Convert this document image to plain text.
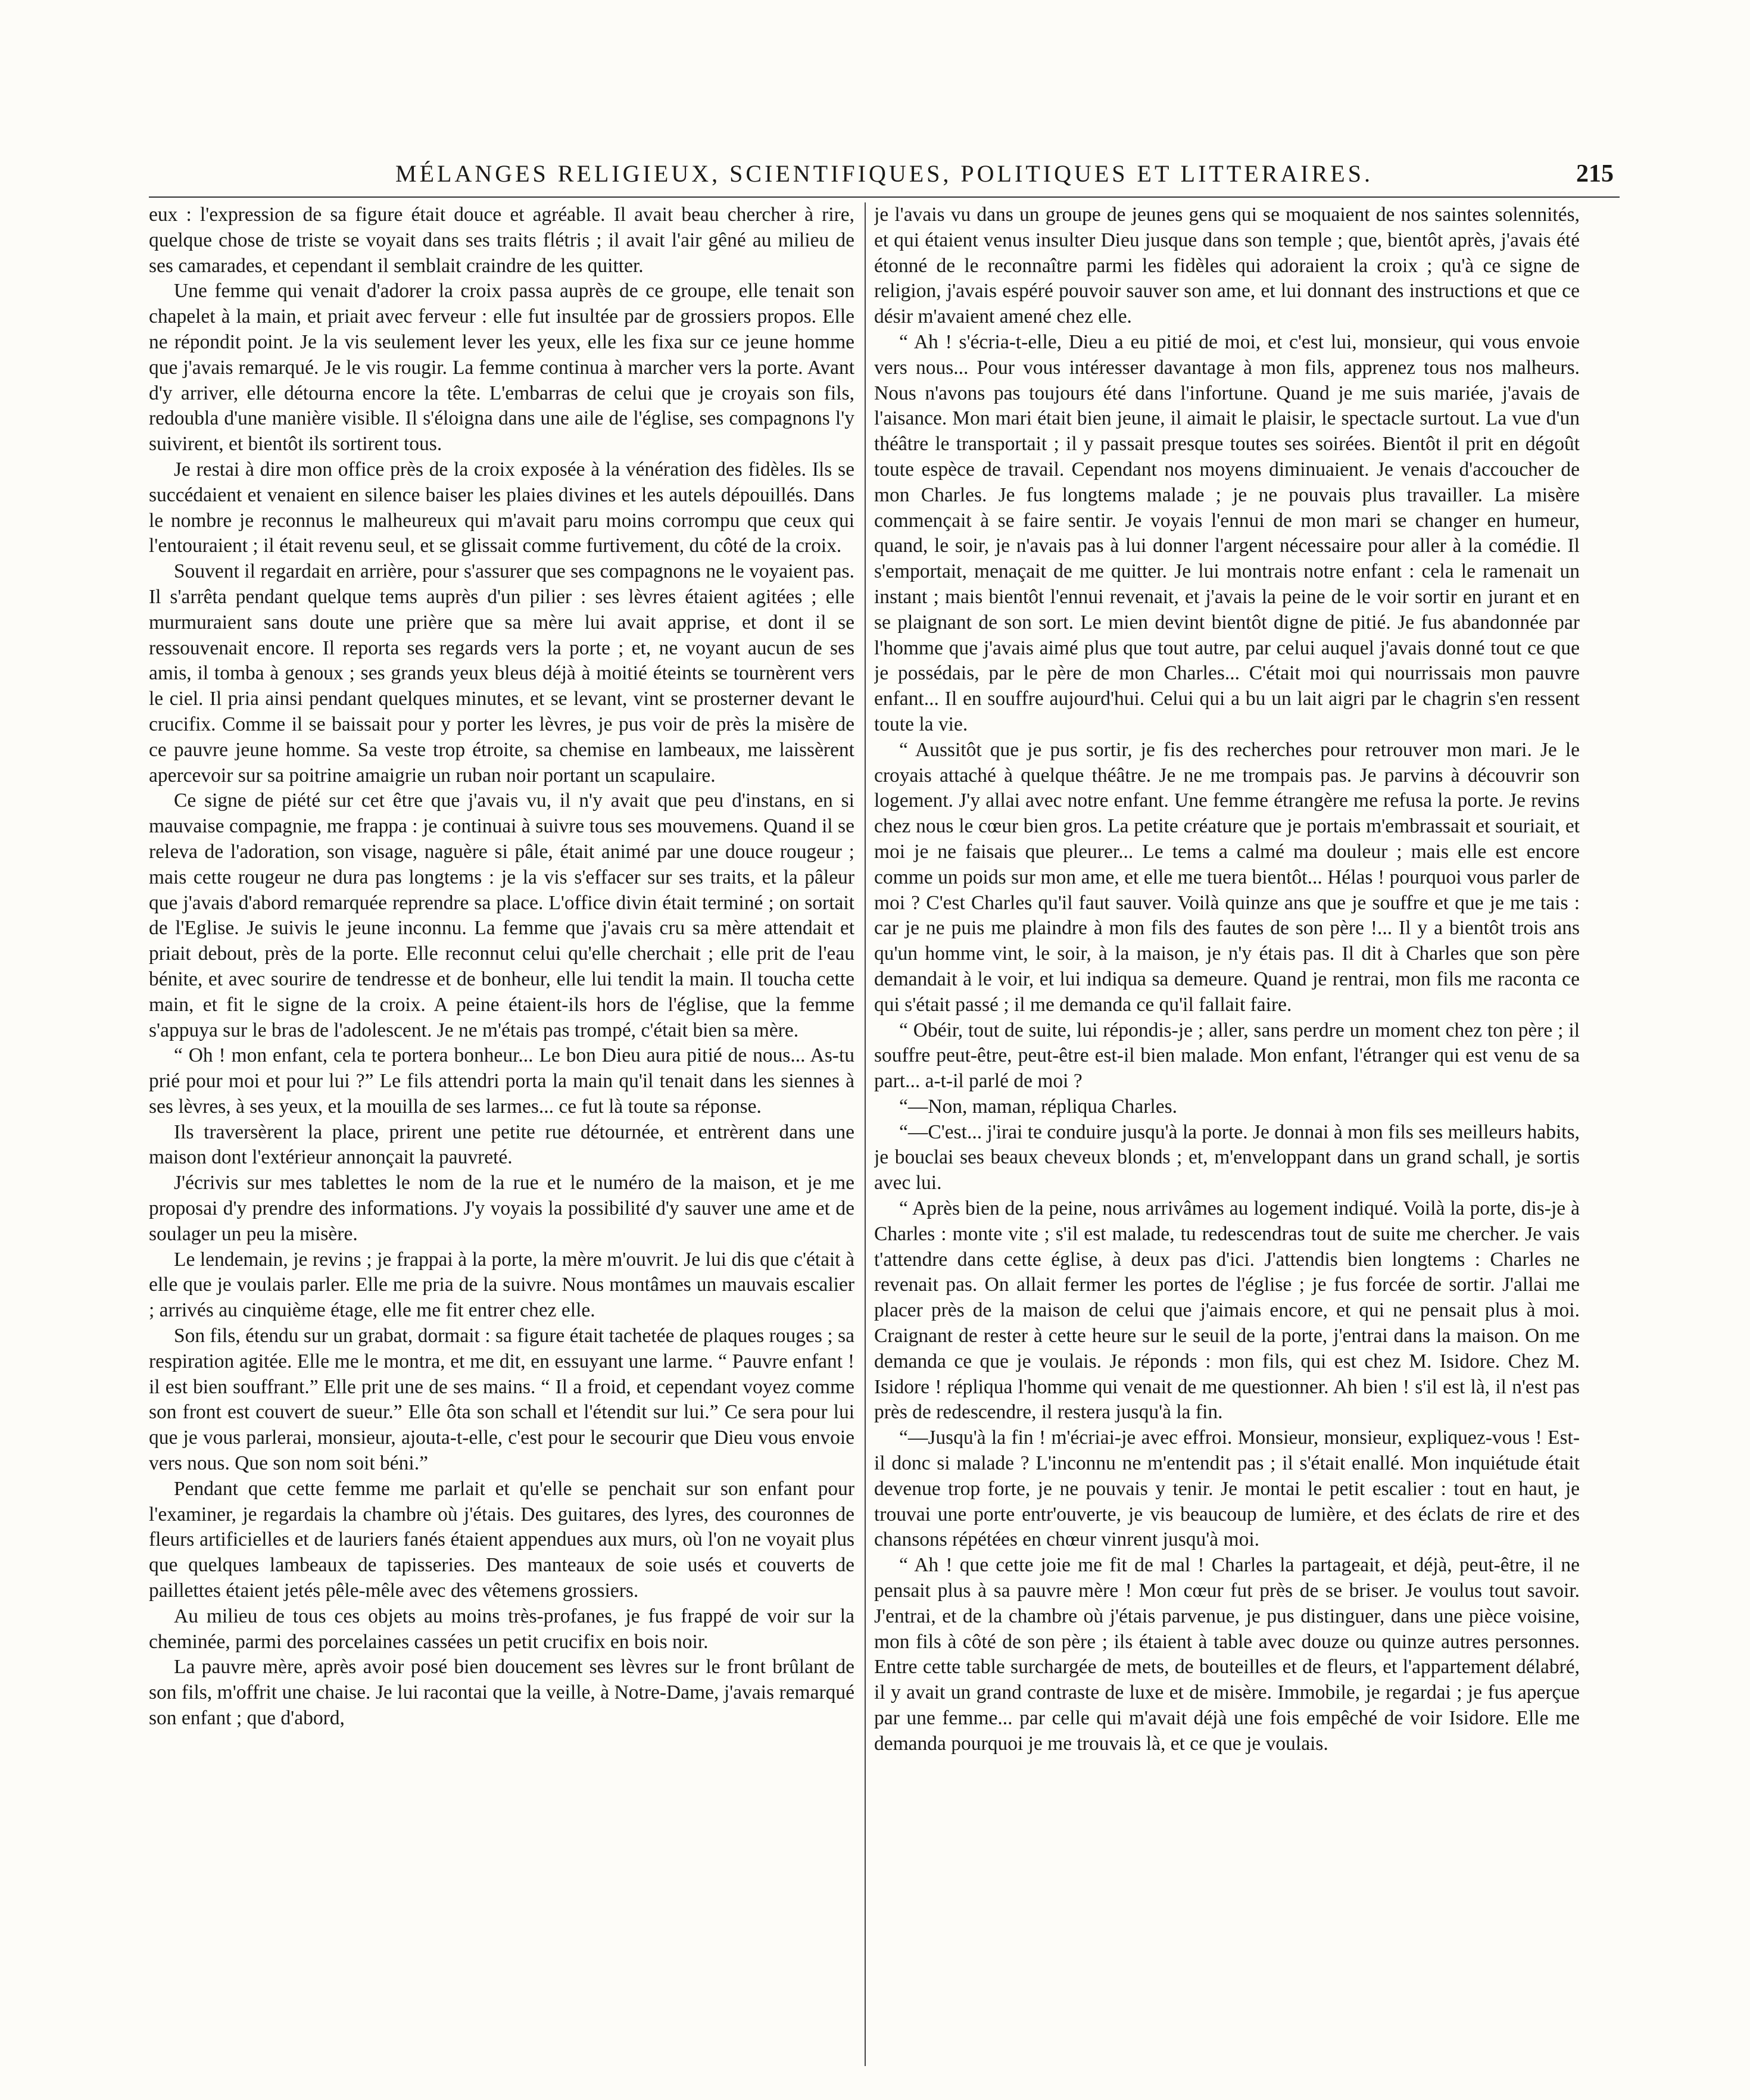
MÉLANGES RELIGIEUX, SCIENTIFIQUES, POLITIQUES ET LITTERAIRES.	215

eux : l'expression de sa figure était douce et agréable. Il avait beau chercher à rire, quelque chose de triste se voyait dans ses traits flétris ; il avait l'air gêné au milieu de ses camarades, et cependant il semblait craindre de les quitter.

Une femme qui venait d'adorer la croix passa auprès de ce groupe, elle tenait son chapelet à la main, et priait avec ferveur : elle fut insultée par de grossiers propos. Elle ne répondit point. Je la vis seulement lever les yeux, elle les fixa sur ce jeune homme que j'avais remarqué. Je le vis rougir. La femme continua à marcher vers la porte. Avant d'y arriver, elle détourna encore la tête. L'embarras de celui que je croyais son fils, redoubla d'une manière visible. Il s'éloigna dans une aile de l'église, ses compagnons l'y suivirent, et bientôt ils sortirent tous.

Je restai à dire mon office près de la croix exposée à la vénération des fidèles. Ils se succédaient et venaient en silence baiser les plaies divines et les autels dépouillés. Dans le nombre je reconnus le malheureux qui m'avait paru moins corrompu que ceux qui l'entouraient ; il était revenu seul, et se glissait comme furtivement, du côté de la croix.

Souvent il regardait en arrière, pour s'assurer que ses compagnons ne le voyaient pas. Il s'arrêta pendant quelque tems auprès d'un pilier : ses lèvres étaient agitées ; elle murmuraient sans doute une prière que sa mère lui avait apprise, et dont il se ressouvenait encore. Il reporta ses regards vers la porte ; et, ne voyant aucun de ses amis, il tomba à genoux ; ses grands yeux bleus déjà à moitié éteints se tournèrent vers le ciel. Il pria ainsi pendant quelques minutes, et se levant, vint se prosterner devant le crucifix. Comme il se baissait pour y porter les lèvres, je pus voir de près la misère de ce pauvre jeune homme. Sa veste trop étroite, sa chemise en lambeaux, me laissèrent apercevoir sur sa poitrine amaigrie un ruban noir portant un scapulaire.

Ce signe de piété sur cet être que j'avais vu, il n'y avait que peu d'instans, en si mauvaise compagnie, me frappa : je continuai à suivre tous ses mouvemens. Quand il se releva de l'adoration, son visage, naguère si pâle, était animé par une douce rougeur ; mais cette rougeur ne dura pas longtems : je la vis s'effacer sur ses traits, et la pâleur que j'avais d'abord remarquée reprendre sa place. L'office divin était terminé ; on sortait de l'Eglise. Je suivis le jeune inconnu. La femme que j'avais cru sa mère attendait et priait debout, près de la porte. Elle reconnut celui qu'elle cherchait ; elle prit de l'eau bénite, et avec sourire de tendresse et de bonheur, elle lui tendit la main. Il toucha cette main, et fit le signe de la croix. A peine étaient-ils hors de l'église, que la femme s'appuya sur le bras de l'adolescent. Je ne m'étais pas trompé, c'était bien sa mère.

“ Oh ! mon enfant, cela te portera bonheur... Le bon Dieu aura pitié de nous... As-tu prié pour moi et pour lui ?” Le fils attendri porta la main qu'il tenait dans les siennes à ses lèvres, à ses yeux, et la mouilla de ses larmes... ce fut là toute sa réponse.

Ils traversèrent la place, prirent une petite rue détournée, et entrèrent dans une maison dont l'extérieur annonçait la pauvreté.

J'écrivis sur mes tablettes le nom de la rue et le numéro de la maison, et je me proposai d'y prendre des informations. J'y voyais la possibilité d'y sauver une ame et de soulager un peu la misère.

Le lendemain, je revins ; je frappai à la porte, la mère m'ouvrit. Je lui dis que c'était à elle que je voulais parler. Elle me pria de la suivre. Nous montâmes un mauvais escalier ; arrivés au cinquième étage, elle me fit entrer chez elle.

Son fils, étendu sur un grabat, dormait : sa figure était tachetée de plaques rouges ; sa respiration agitée. Elle me le montra, et me dit, en essuyant une larme. “ Pauvre enfant ! il est bien souffrant.” Elle prit une de ses mains. “ Il a froid, et cependant voyez comme son front est couvert de sueur.” Elle ôta son schall et l'étendit sur lui.” Ce sera pour lui que je vous parlerai, monsieur, ajouta-t-elle, c'est pour le secourir que Dieu vous envoie vers nous. Que son nom soit béni.”

Pendant que cette femme me parlait et qu'elle se penchait sur son enfant pour l'examiner, je regardais la chambre où j'étais. Des guitares, des lyres, des couronnes de fleurs artificielles et de lauriers fanés étaient appendues aux murs, où l'on ne voyait plus que quelques lambeaux de tapisseries. Des manteaux de soie usés et couverts de paillettes étaient jetés pêle-mêle avec des vêtemens grossiers.

Au milieu de tous ces objets au moins très-profanes, je fus frappé de voir sur la cheminée, parmi des porcelaines cassées un petit crucifix en bois noir.

La pauvre mère, après avoir posé bien doucement ses lèvres sur le front brûlant de son fils, m'offrit une chaise. Je lui racontai que la veille, à Notre-Dame, j'avais remarqué son enfant ; que d'abord,

je l'avais vu dans un groupe de jeunes gens qui se moquaient de nos saintes solennités, et qui étaient venus insulter Dieu jusque dans son temple ; que, bientôt après, j'avais été étonné de le reconnaître parmi les fidèles qui adoraient la croix ; qu'à ce signe de religion, j'avais espéré pouvoir sauver son ame, et lui donnant des instructions et que ce désir m'avaient amené chez elle.

“ Ah ! s'écria-t-elle, Dieu a eu pitié de moi, et c'est lui, monsieur, qui vous envoie vers nous... Pour vous intéresser davantage à mon fils, apprenez tous nos malheurs. Nous n'avons pas toujours été dans l'infortune. Quand je me suis mariée, j'avais de l'aisance. Mon mari était bien jeune, il aimait le plaisir, le spectacle surtout. La vue d'un théâtre le transportait ; il y passait presque toutes ses soirées. Bientôt il prit en dégoût toute espèce de travail. Cependant nos moyens diminuaient. Je venais d'accoucher de mon Charles. Je fus longtems malade ; je ne pouvais plus travailler. La misère commençait à se faire sentir. Je voyais l'ennui de mon mari se changer en humeur, quand, le soir, je n'avais pas à lui donner l'argent nécessaire pour aller à la comédie. Il s'emportait, menaçait de me quitter. Je lui montrais notre enfant : cela le ramenait un instant ; mais bientôt l'ennui revenait, et j'avais la peine de le voir sortir en jurant et en se plaignant de son sort. Le mien devint bientôt digne de pitié. Je fus abandonnée par l'homme que j'avais aimé plus que tout autre, par celui auquel j'avais donné tout ce que je possédais, par le père de mon Charles... C'était moi qui nourrissais mon pauvre enfant... Il en souffre aujourd'hui. Celui qui a bu un lait aigri par le chagrin s'en ressent toute la vie.

“ Aussitôt que je pus sortir, je fis des recherches pour retrouver mon mari. Je le croyais attaché à quelque théâtre. Je ne me trompais pas. Je parvins à découvrir son logement. J'y allai avec notre enfant. Une femme étrangère me refusa la porte. Je revins chez nous le cœur bien gros. La petite créature que je portais m'embrassait et souriait, et moi je ne faisais que pleurer... Le tems a calmé ma douleur ; mais elle est encore comme un poids sur mon ame, et elle me tuera bientôt... Hélas ! pourquoi vous parler de moi ? C'est Charles qu'il faut sauver. Voilà quinze ans que je souffre et que je me tais : car je ne puis me plaindre à mon fils des fautes de son père !... Il y a bientôt trois ans qu'un homme vint, le soir, à la maison, je n'y étais pas. Il dit à Charles que son père demandait à le voir, et lui indiqua sa demeure. Quand je rentrai, mon fils me raconta ce qui s'était passé ; il me demanda ce qu'il fallait faire.

“ Obéir, tout de suite, lui répondis-je ; aller, sans perdre un moment chez ton père ; il souffre peut-être, peut-être est-il bien malade. Mon enfant, l'étranger qui est venu de sa part... a-t-il parlé de moi ?

“—Non, maman, répliqua Charles.

“—C'est... j'irai te conduire jusqu'à la porte. Je donnai à mon fils ses meilleurs habits, je bouclai ses beaux cheveux blonds ; et, m'enveloppant dans un grand schall, je sortis avec lui.

“ Après bien de la peine, nous arrivâmes au logement indiqué. Voilà la porte, dis-je à Charles : monte vite ; s'il est malade, tu redescendras tout de suite me chercher. Je vais t'attendre dans cette église, à deux pas d'ici. J'attendis bien longtems : Charles ne revenait pas. On allait fermer les portes de l'église ; je fus forcée de sortir. J'allai me placer près de la maison de celui que j'aimais encore, et qui ne pensait plus à moi. Craignant de rester à cette heure sur le seuil de la porte, j'entrai dans la maison. On me demanda ce que je voulais. Je réponds : mon fils, qui est chez M. Isidore. Chez M. Isidore ! répliqua l'homme qui venait de me questionner. Ah bien ! s'il est là, il n'est pas près de redescendre, il restera jusqu'à la fin.

“—Jusqu'à la fin ! m'écriai-je avec effroi. Monsieur, monsieur, expliquez-vous ! Est-il donc si malade ? L'inconnu ne m'entendit pas ; il s'était enallé. Mon inquiétude était devenue trop forte, je ne pouvais y tenir. Je montai le petit escalier : tout en haut, je trouvai une porte entr'ouverte, je vis beaucoup de lumière, et des éclats de rire et des chansons répétées en chœur vinrent jusqu'à moi.

“ Ah ! que cette joie me fit de mal ! Charles la partageait, et déjà, peut-être, il ne pensait plus à sa pauvre mère ! Mon cœur fut près de se briser. Je voulus tout savoir. J'entrai, et de la chambre où j'étais parvenue, je pus distinguer, dans une pièce voisine, mon fils à côté de son père ; ils étaient à table avec douze ou quinze autres personnes. Entre cette table surchargée de mets, de bouteilles et de fleurs, et l'appartement délabré, il y avait un grand contraste de luxe et de misère. Immobile, je regardai ; je fus aperçue par une femme... par celle qui m'avait déjà une fois empêché de voir Isidore. Elle me demanda pourquoi je me trouvais là, et ce que je voulais.
